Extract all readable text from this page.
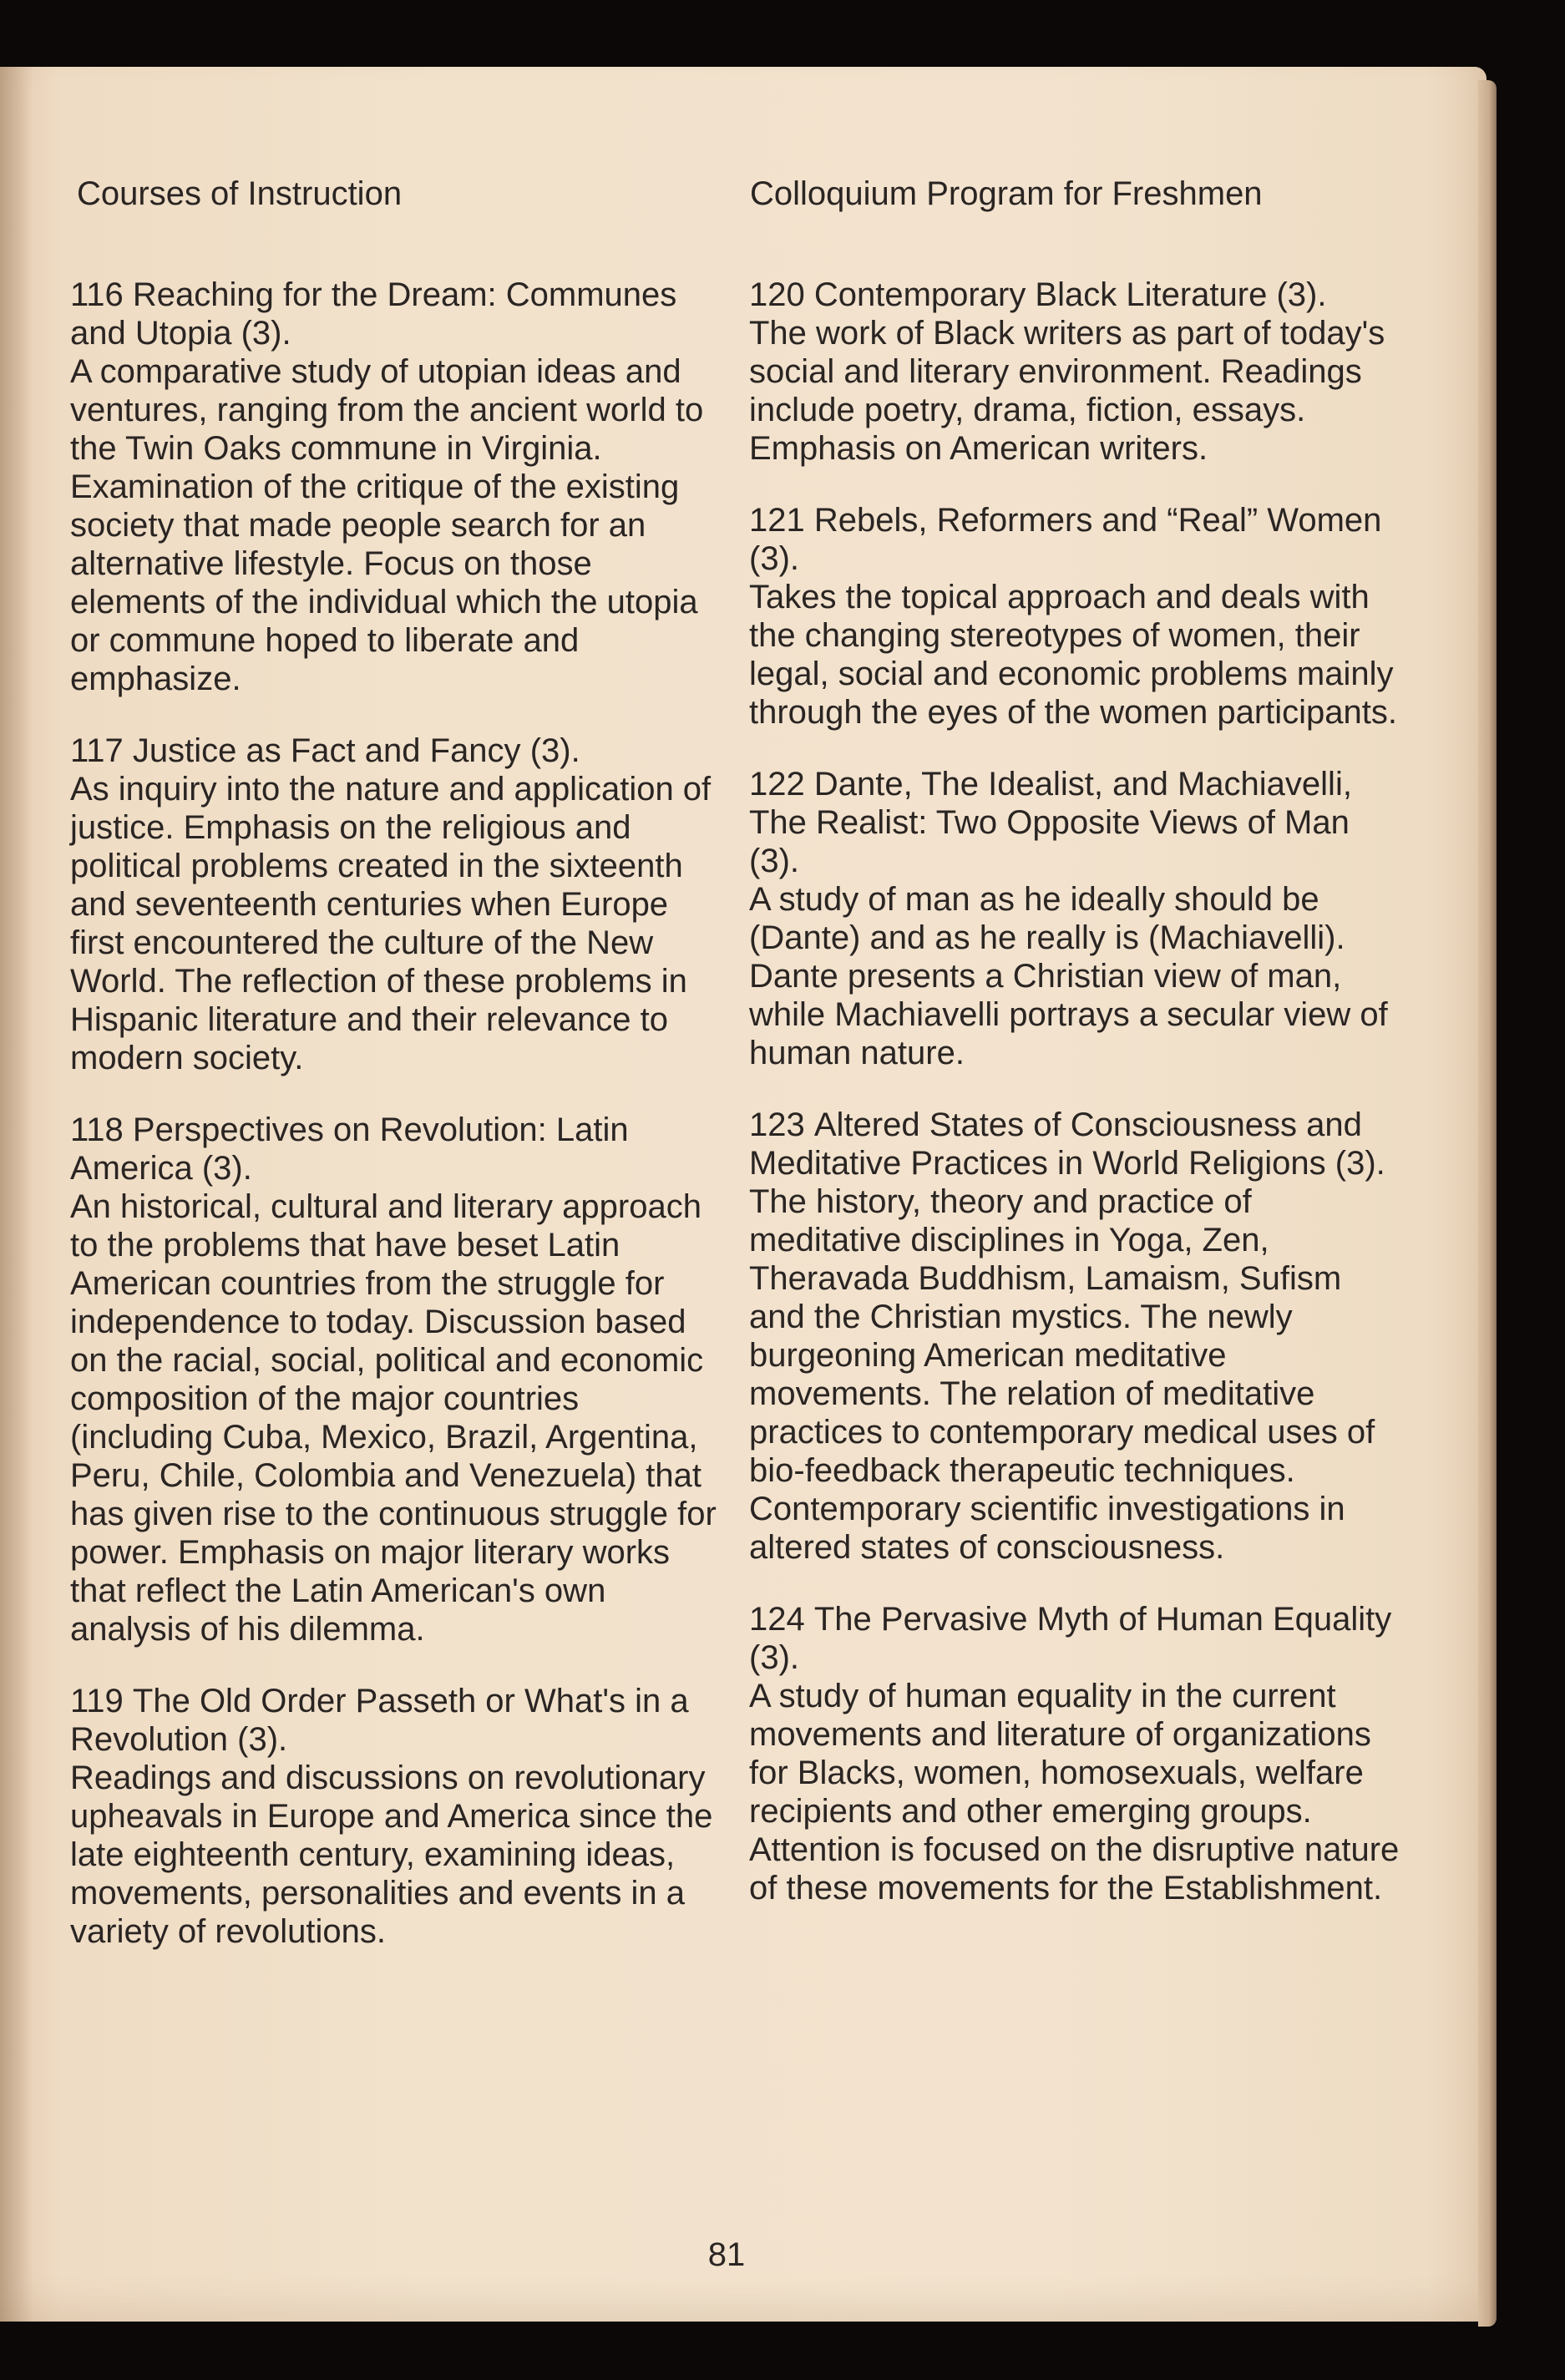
Courses of Instruction	Colloquium Program for Freshmen

116 Reaching for the Dream: Communes and Utopia (3).
A comparative study of utopian ideas and ventures, ranging from the ancient world to the Twin Oaks commune in Virginia. Examination of the critique of the existing society that made people search for an alternative lifestyle. Focus on those elements of the individual which the utopia or commune hoped to liberate and emphasize.

117 Justice as Fact and Fancy (3).
As inquiry into the nature and application of justice. Emphasis on the religious and political problems created in the sixteenth and seventeenth centuries when Europe first encountered the culture of the New World. The reflection of these problems in Hispanic literature and their relevance to modern society.

118 Perspectives on Revolution: Latin America (3).
An historical, cultural and literary approach to the problems that have beset Latin American countries from the struggle for independence to today. Discussion based on the racial, social, political and economic composition of the major countries (including Cuba, Mexico, Brazil, Argentina, Peru, Chile, Colombia and Venezuela) that has given rise to the continuous struggle for power. Emphasis on major literary works that reflect the Latin American's own analysis of his dilemma.

119 The Old Order Passeth or What's in a Revolution (3).
Readings and discussions on revolutionary upheavals in Europe and America since the late eighteenth century, examining ideas, movements, personalities and events in a variety of revolutions.

120 Contemporary Black Literature (3).
The work of Black writers as part of today's social and literary environment. Readings include poetry, drama, fiction, essays. Emphasis on American writers.

121 Rebels, Reformers and “Real” Women (3).
Takes the topical approach and deals with the changing stereotypes of women, their legal, social and economic problems mainly through the eyes of the women participants.

122 Dante, The Idealist, and Machiavelli, The Realist: Two Opposite Views of Man (3).
A study of man as he ideally should be (Dante) and as he really is (Machiavelli). Dante presents a Christian view of man, while Machiavelli portrays a secular view of human nature.

123 Altered States of Consciousness and Meditative Practices in World Religions (3).
The history, theory and practice of meditative disciplines in Yoga, Zen, Theravada Buddhism, Lamaism, Sufism and the Christian mystics. The newly burgeoning American meditative movements. The relation of meditative practices to contemporary medical uses of bio-feedback therapeutic techniques. Contemporary scientific investigations in altered states of consciousness.

124 The Pervasive Myth of Human Equality (3).
A study of human equality in the current movements and literature of organizations for Blacks, women, homosexuals, welfare recipients and other emerging groups. Attention is focused on the disruptive nature of these movements for the Establishment.

81
